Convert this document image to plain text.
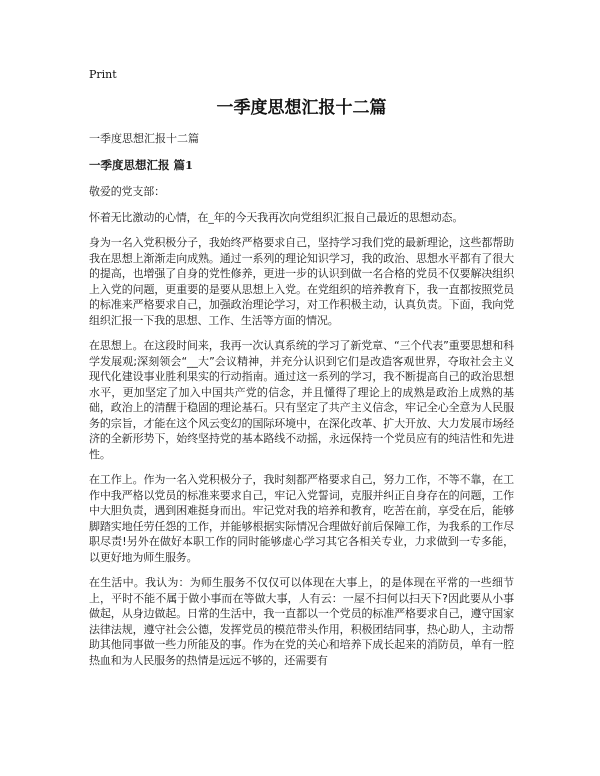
Print
一季度思想汇报十二篇

一季度思想汇报十二篇

一季度思想汇报 篇1

敬爱的党支部：

怀着无比激动的心情，在_年的今天我再次向党组织汇报自己最近的思想动态。

身为一名入党积极分子，我始终严格要求自己，坚持学习我们党的最新理论，这些都帮助我在思想上渐渐走向成熟。通过一系列的理论知识学习，我的政治、思想水平都有了很大的提高，也增强了自身的党性修养，更进一步的认识到做一名合格的党员不仅要解决组织上入党的问题，更重要的是要从思想上入党。在党组织的培养教育下，我一直都按照党员的标准来严格要求自己，加强政治理论学习，对工作积极主动，认真负责。下面，我向党组织汇报一下我的思想、工作、生活等方面的情况。

在思想上。在这段时间来，我再一次认真系统的学习了新党章、“三个代表”重要思想和科学发展观;深刻领会“__大”会议精神，并充分认识到它们是改造客观世界，夺取社会主义现代化建设事业胜利果实的行动指南。通过这一系列的学习，我不断提高自己的政治思想水平，更加坚定了加入中国共产党的信念，并且懂得了理论上的成熟是政治上成熟的基础，政治上的清醒于稳固的理论基石。只有坚定了共产主义信念，牢记全心全意为人民服务的宗旨，才能在这个风云变幻的国际环境中，在深化改革、扩大开放、大力发展市场经济的全新形势下，始终坚持党的基本路线不动摇，永远保持一个党员应有的纯洁性和先进性。

在工作上。作为一名入党积极分子，我时刻都严格要求自己，努力工作，不等不靠，在工作中我严格以党员的标准来要求自己，牢记入党誓词，克服并纠正自身存在的问题，工作中大胆负责，遇到困难挺身而出。牢记党对我的培养和教育，吃苦在前，享受在后，能够脚踏实地任劳任怨的工作，并能够根据实际情况合理做好前后保障工作，为我系的工作尽职尽责!另外在做好本职工作的同时能够虚心学习其它各相关专业，力求做到一专多能，以更好地为师生服务。

在生活中。我认为：为师生服务不仅仅可以体现在大事上，的是体现在平常的一些细节上，平时不能不属于做小事而在等做大事，人有云：一屋不扫何以扫天下?因此要从小事做起，从身边做起。日常的生活中，我一直都以一个党员的标准严格要求自己，遵守国家法律法规，遵守社会公德，发挥党员的模范带头作用，积极团结同事，热心助人，主动帮助其他同事做一些力所能及的事。作为在党的关心和培养下成长起来的消防员，单有一腔热血和为人民服务的热情是远远不够的，还需要有
